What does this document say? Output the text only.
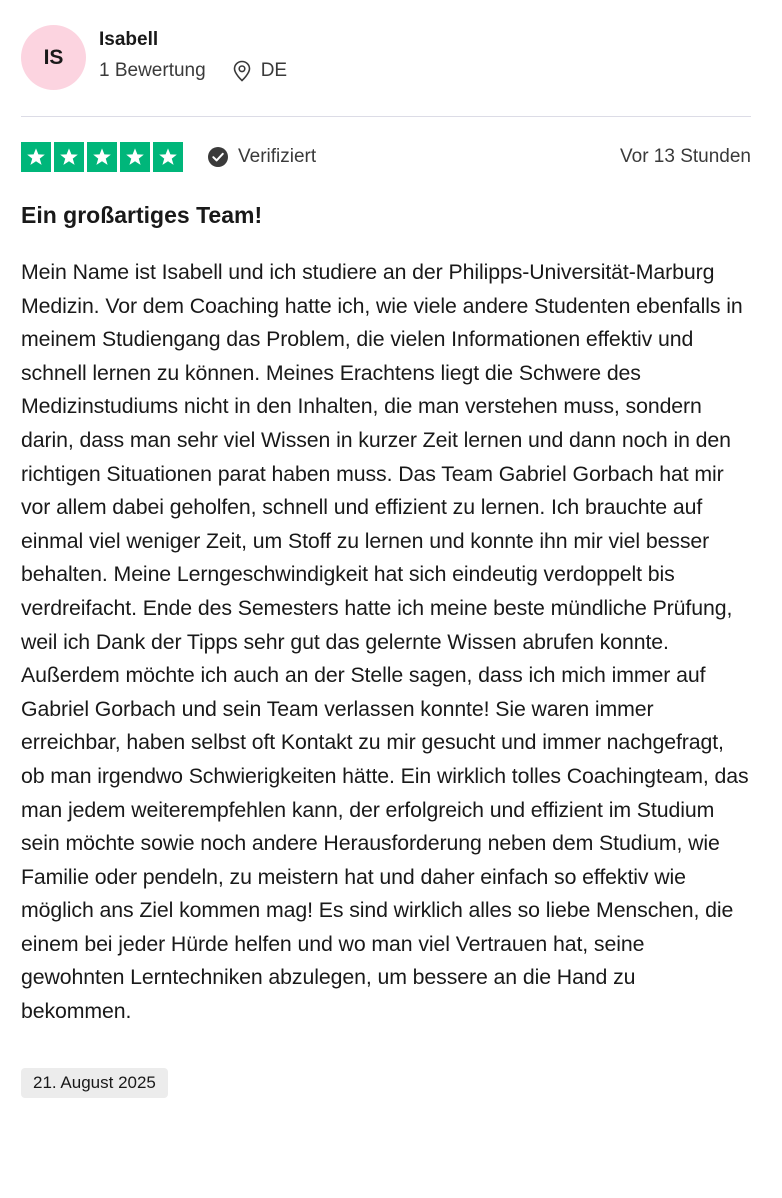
IS
Isabell
1 Bewertung	DE
Verifiziert	Vor 13 Stunden
Ein großartiges Team!

Mein Name ist Isabell und ich studiere an der Philipps-Universität-Marburg Medizin. Vor dem Coaching hatte ich, wie viele andere Studenten ebenfalls in meinem Studiengang das Problem, die vielen Informationen effektiv und schnell lernen zu können. Meines Erachtens liegt die Schwere des Medizinstudiums nicht in den Inhalten, die man verstehen muss, sondern darin, dass man sehr viel Wissen in kurzer Zeit lernen und dann noch in den richtigen Situationen parat haben muss. Das Team Gabriel Gorbach hat mir vor allem dabei geholfen, schnell und effizient zu lernen. Ich brauchte auf einmal viel weniger Zeit, um Stoff zu lernen und konnte ihn mir viel besser behalten. Meine Lerngeschwindigkeit hat sich eindeutig verdoppelt bis verdreifacht. Ende des Semesters hatte ich meine beste mündliche Prüfung, weil ich Dank der Tipps sehr gut das gelernte Wissen abrufen konnte. Außerdem möchte ich auch an der Stelle sagen, dass ich mich immer auf Gabriel Gorbach und sein Team verlassen konnte! Sie waren immer erreichbar, haben selbst oft Kontakt zu mir gesucht und immer nachgefragt, ob man irgendwo Schwierigkeiten hätte. Ein wirklich tolles Coachingteam, das man jedem weiterempfehlen kann, der erfolgreich und effizient im Studium sein möchte sowie noch andere Herausforderung neben dem Studium, wie Familie oder pendeln, zu meistern hat und daher einfach so effektiv wie möglich ans Ziel kommen mag! Es sind wirklich alles so liebe Menschen, die einem bei jeder Hürde helfen und wo man viel Vertrauen hat, seine gewohnten Lerntechniken abzulegen, um bessere an die Hand zu bekommen.

21. August 2025
